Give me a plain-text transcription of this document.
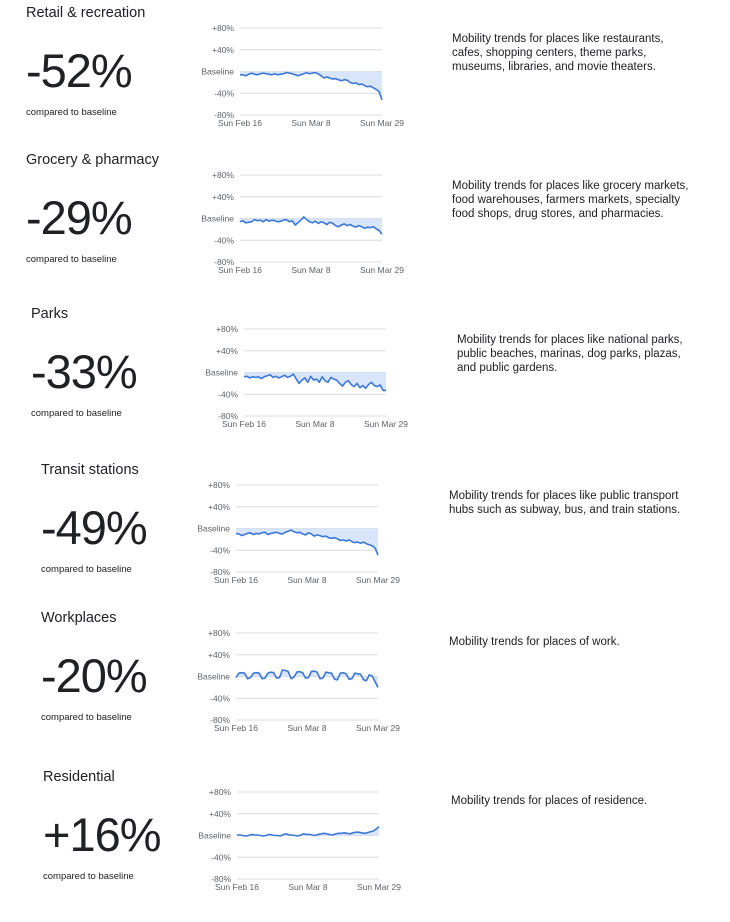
Retail & recreation
-52%
compared to baseline
Mobility trends for places like restaurants, cafes, shopping centers, theme parks, museums, libraries, and movie theaters.
+80%
+40%
Baseline
-40%
-80%
Sun Feb 16	Sun Mar 8	Sun Mar 29
Grocery & pharmacy
-29%
compared to baseline
Mobility trends for places like grocery markets, food warehouses, farmers markets, specialty food shops, drug stores, and pharmacies.
+80%
+40%
Baseline
-40%
-80%
Sun Feb 16	Sun Mar 8	Sun Mar 29
Parks
-33%
compared to baseline
Mobility trends for places like national parks, public beaches, marinas, dog parks, plazas, and public gardens.
+80%
+40%
Baseline
-40%
-80%
Sun Feb 16	Sun Mar 8	Sun Mar 29
Transit stations
-49%
compared to baseline
Mobility trends for places like public transport hubs such as subway, bus, and train stations.
+80%
+40%
Baseline
-40%
-80%
Sun Feb 16	Sun Mar 8	Sun Mar 29
Workplaces
-20%
compared to baseline
Mobility trends for places of work.
+80%
+40%
Baseline
-40%
-80%
Sun Feb 16	Sun Mar 8	Sun Mar 29
Residential
+16%
compared to baseline
Mobility trends for places of residence.
+80%
+40%
Baseline
-40%
-80%
Sun Feb 16	Sun Mar 8	Sun Mar 29
